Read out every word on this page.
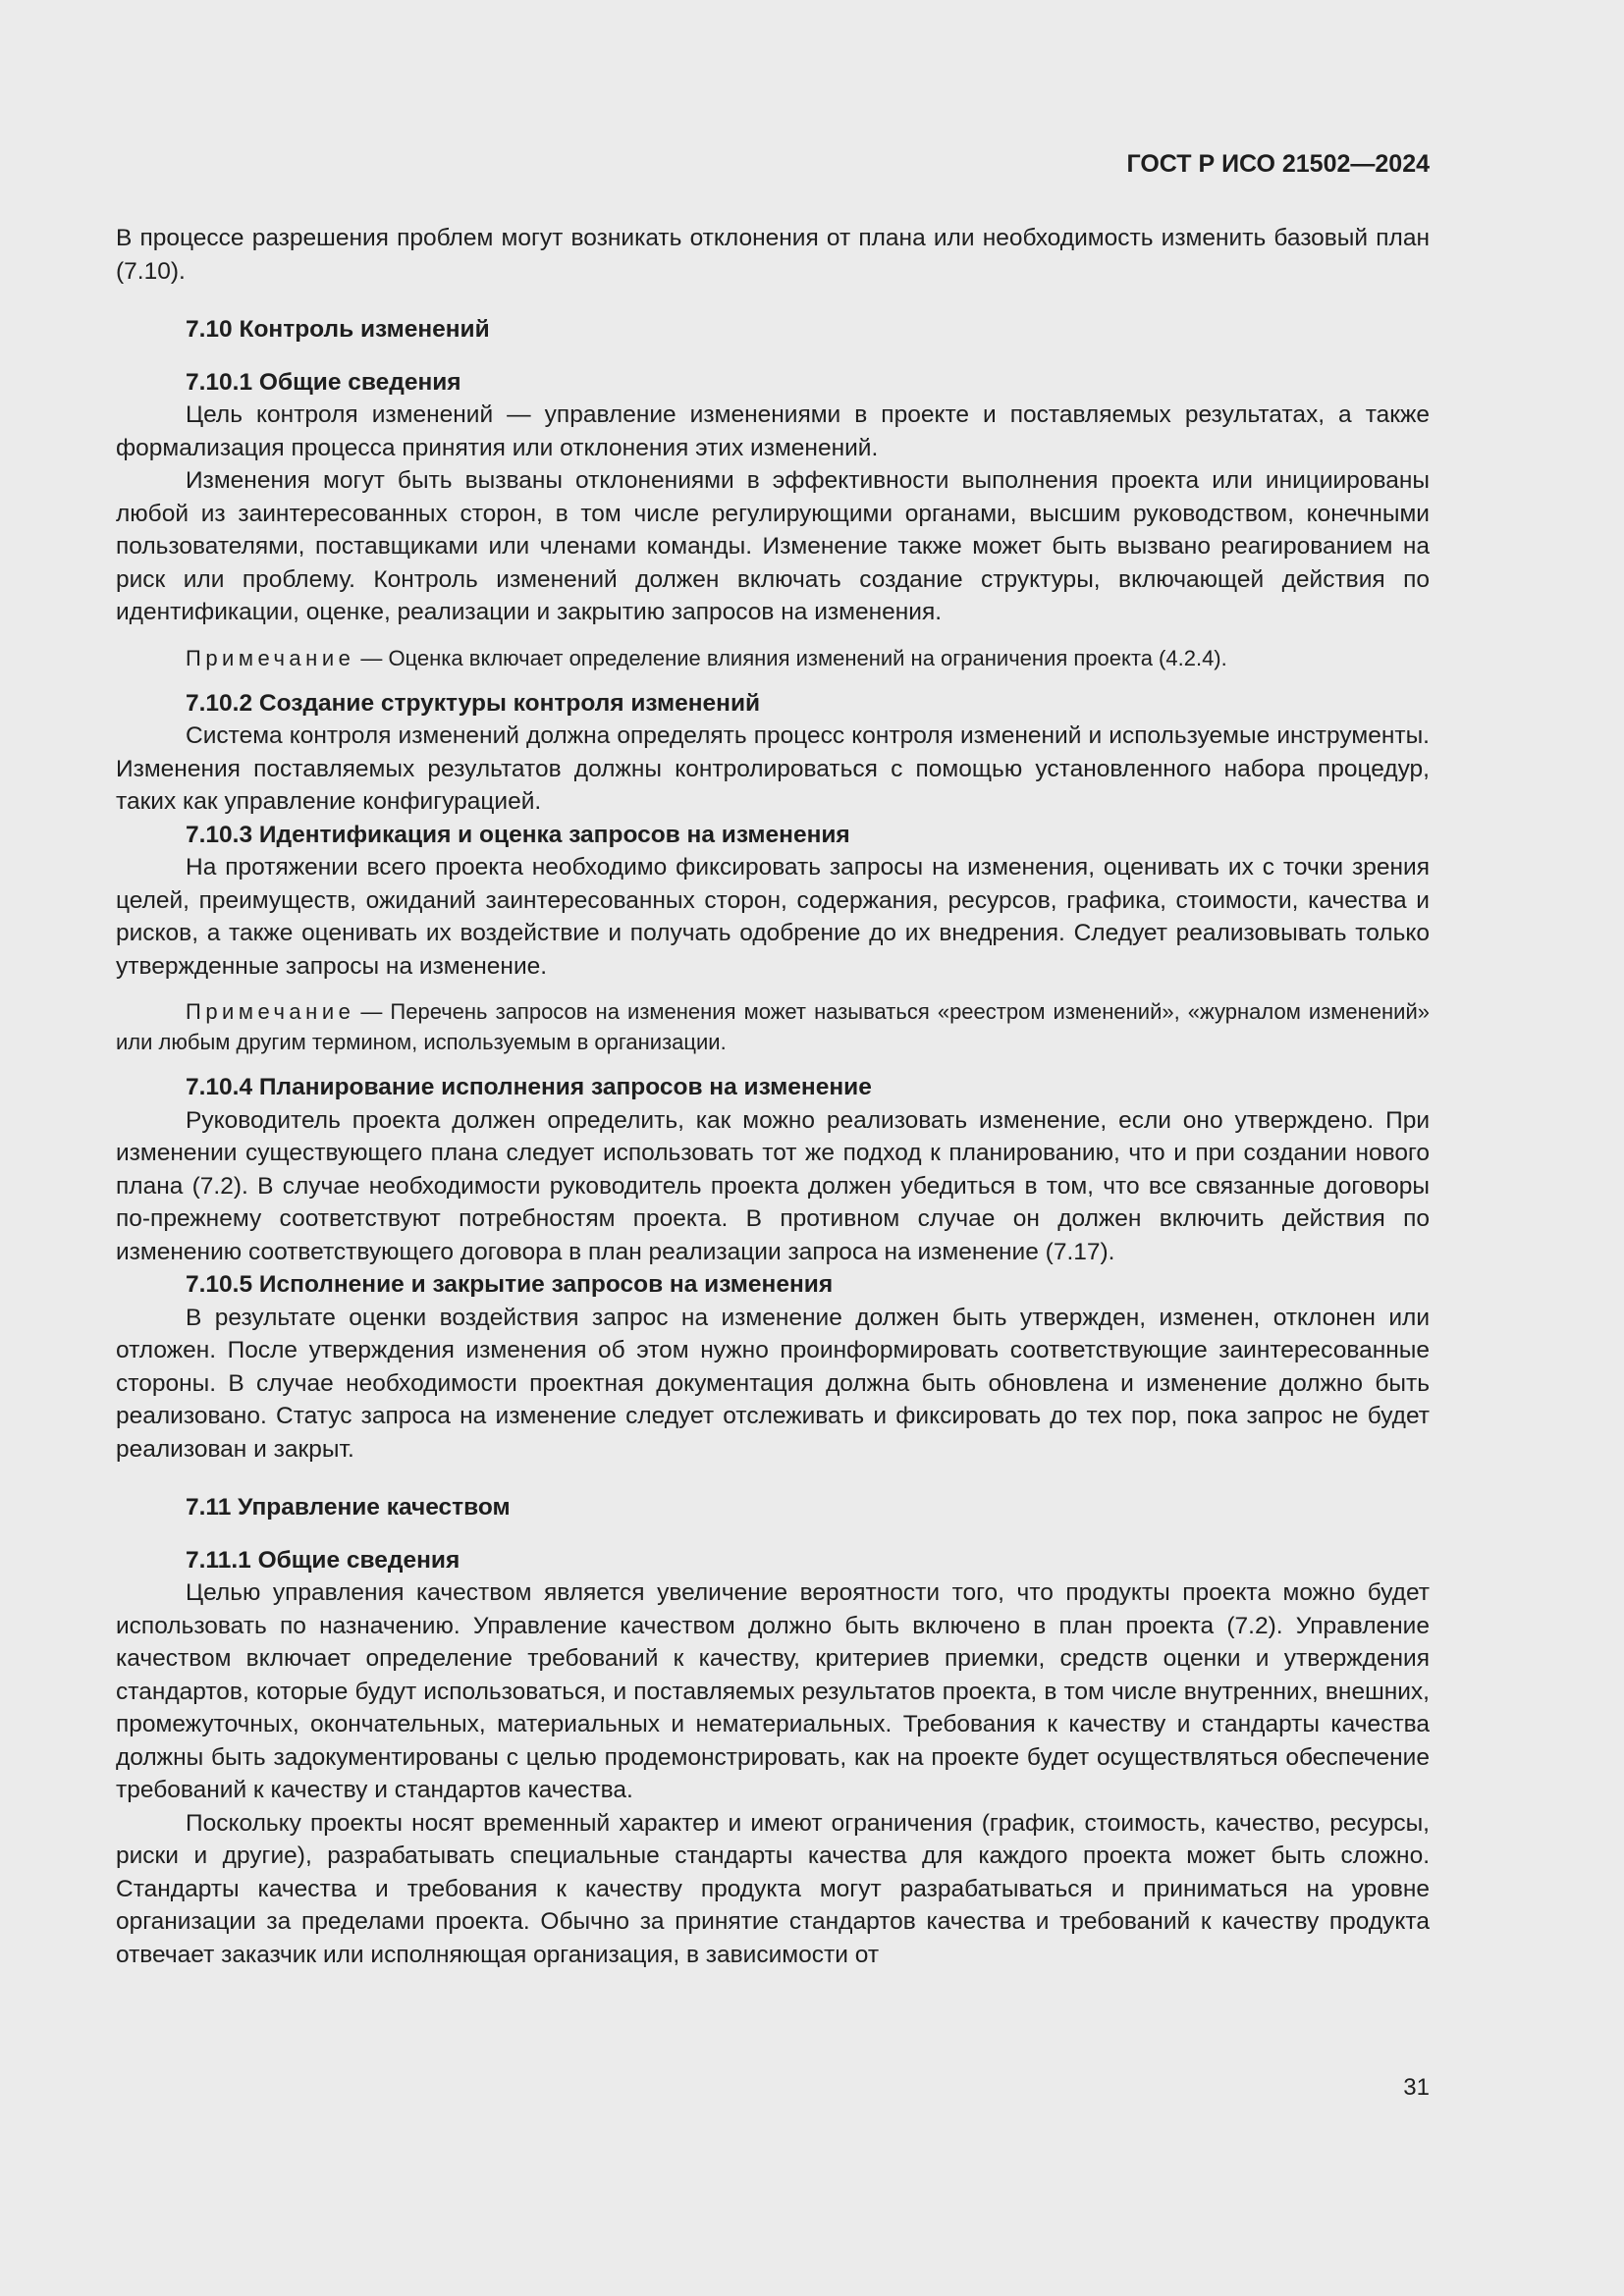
ГОСТ Р ИСО 21502—2024

В процессе разрешения проблем могут возникать отклонения от плана или необходимость изменить базовый план (7.10).

7.10 Контроль изменений

7.10.1 Общие сведения

Цель контроля изменений — управление изменениями в проекте и поставляемых результатах, а также формализация процесса принятия или отклонения этих изменений.

Изменения могут быть вызваны отклонениями в эффективности выполнения проекта или инициированы любой из заинтересованных сторон, в том числе регулирующими органами, высшим руководством, конечными пользователями, поставщиками или членами команды. Изменение также может быть вызвано реагированием на риск или проблему. Контроль изменений должен включать создание структуры, включающей действия по идентификации, оценке, реализации и закрытию запросов на изменения.

Примечание — Оценка включает определение влияния изменений на ограничения проекта (4.2.4).

7.10.2 Создание структуры контроля изменений

Система контроля изменений должна определять процесс контроля изменений и используемые инструменты. Изменения поставляемых результатов должны контролироваться с помощью установленного набора процедур, таких как управление конфигурацией.

7.10.3 Идентификация и оценка запросов на изменения

На протяжении всего проекта необходимо фиксировать запросы на изменения, оценивать их с точки зрения целей, преимуществ, ожиданий заинтересованных сторон, содержания, ресурсов, графика, стоимости, качества и рисков, а также оценивать их воздействие и получать одобрение до их внедрения. Следует реализовывать только утвержденные запросы на изменение.

Примечание — Перечень запросов на изменения может называться «реестром изменений», «журналом изменений» или любым другим термином, используемым в организации.

7.10.4 Планирование исполнения запросов на изменение

Руководитель проекта должен определить, как можно реализовать изменение, если оно утверждено. При изменении существующего плана следует использовать тот же подход к планированию, что и при создании нового плана (7.2). В случае необходимости руководитель проекта должен убедиться в том, что все связанные договоры по-прежнему соответствуют потребностям проекта. В противном случае он должен включить действия по изменению соответствующего договора в план реализации запроса на изменение (7.17).

7.10.5 Исполнение и закрытие запросов на изменения

В результате оценки воздействия запрос на изменение должен быть утвержден, изменен, отклонен или отложен. После утверждения изменения об этом нужно проинформировать соответствующие заинтересованные стороны. В случае необходимости проектная документация должна быть обновлена и изменение должно быть реализовано. Статус запроса на изменение следует отслеживать и фиксировать до тех пор, пока запрос не будет реализован и закрыт.

7.11 Управление качеством

7.11.1 Общие сведения

Целью управления качеством является увеличение вероятности того, что продукты проекта можно будет использовать по назначению. Управление качеством должно быть включено в план проекта (7.2). Управление качеством включает определение требований к качеству, критериев приемки, средств оценки и утверждения стандартов, которые будут использоваться, и поставляемых результатов проекта, в том числе внутренних, внешних, промежуточных, окончательных, материальных и нематериальных. Требования к качеству и стандарты качества должны быть задокументированы с целью продемонстрировать, как на проекте будет осуществляться обеспечение требований к качеству и стандартов качества.

Поскольку проекты носят временный характер и имеют ограничения (график, стоимость, качество, ресурсы, риски и другие), разрабатывать специальные стандарты качества для каждого проекта может быть сложно. Стандарты качества и требования к качеству продукта могут разрабатываться и приниматься на уровне организации за пределами проекта. Обычно за принятие стандартов качества и требований к качеству продукта отвечает заказчик или исполняющая организация, в зависимости от

31
